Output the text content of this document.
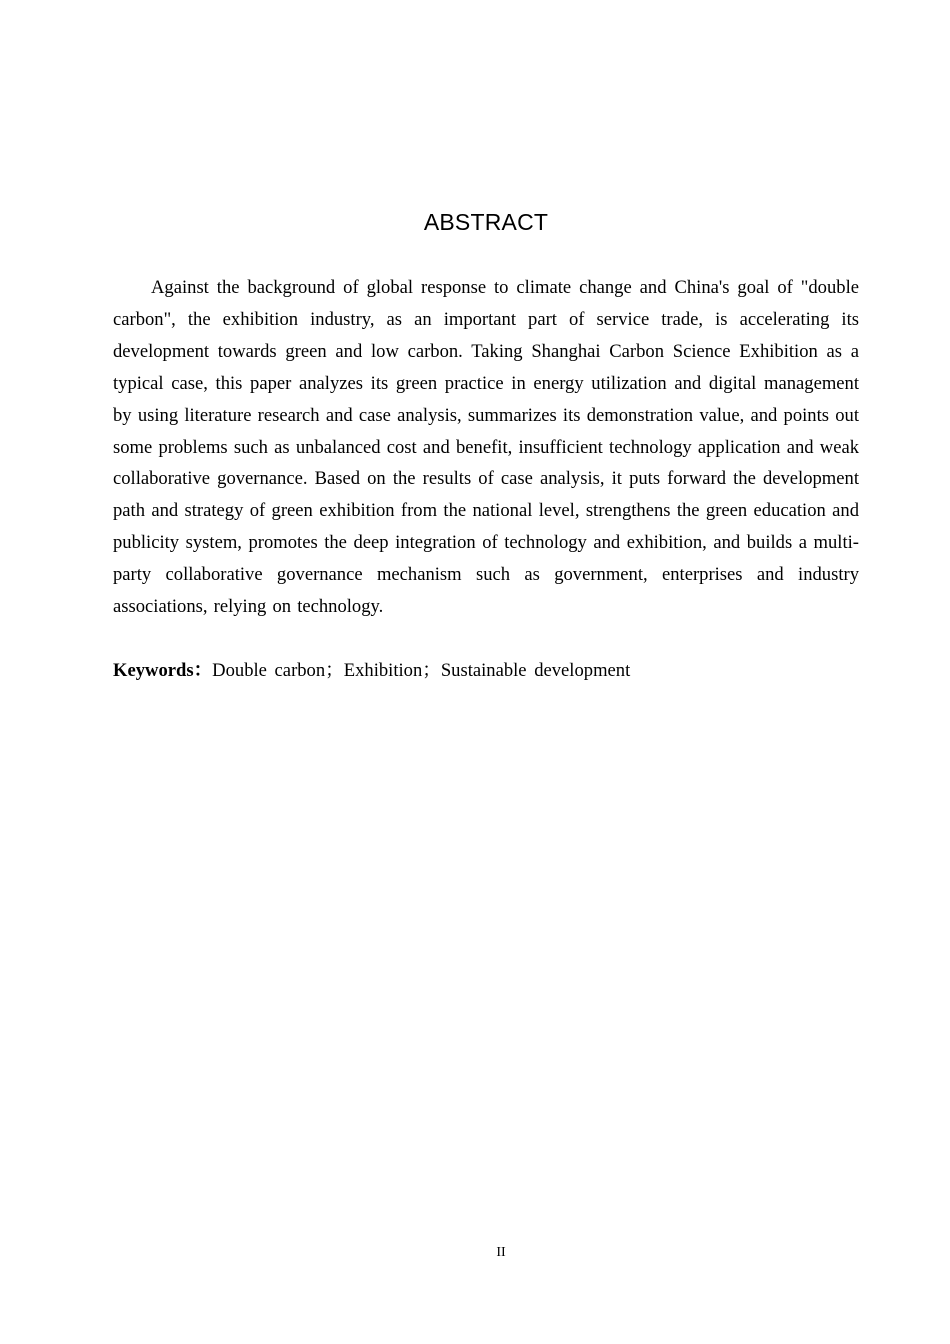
ABSTRACT

Against the background of global response to climate change and China's goal of "double carbon", the exhibition industry, as an important part of service trade, is accelerating its development towards green and low carbon. Taking Shanghai Carbon Science Exhibition as a typical case, this paper analyzes its green practice in energy utilization and digital management by using literature research and case analysis, summarizes its demonstration value, and points out some problems such as unbalanced cost and benefit, insufficient technology application and weak collaborative governance. Based on the results of case analysis, it puts forward the development path and strategy of green exhibition from the national level, strengthens the green education and publicity system, promotes the deep integration of technology and exhibition, and builds a multi-party collaborative governance mechanism such as government, enterprises and industry associations, relying on technology.

Keywords：Double carbon；Exhibition；Sustainable development

II
